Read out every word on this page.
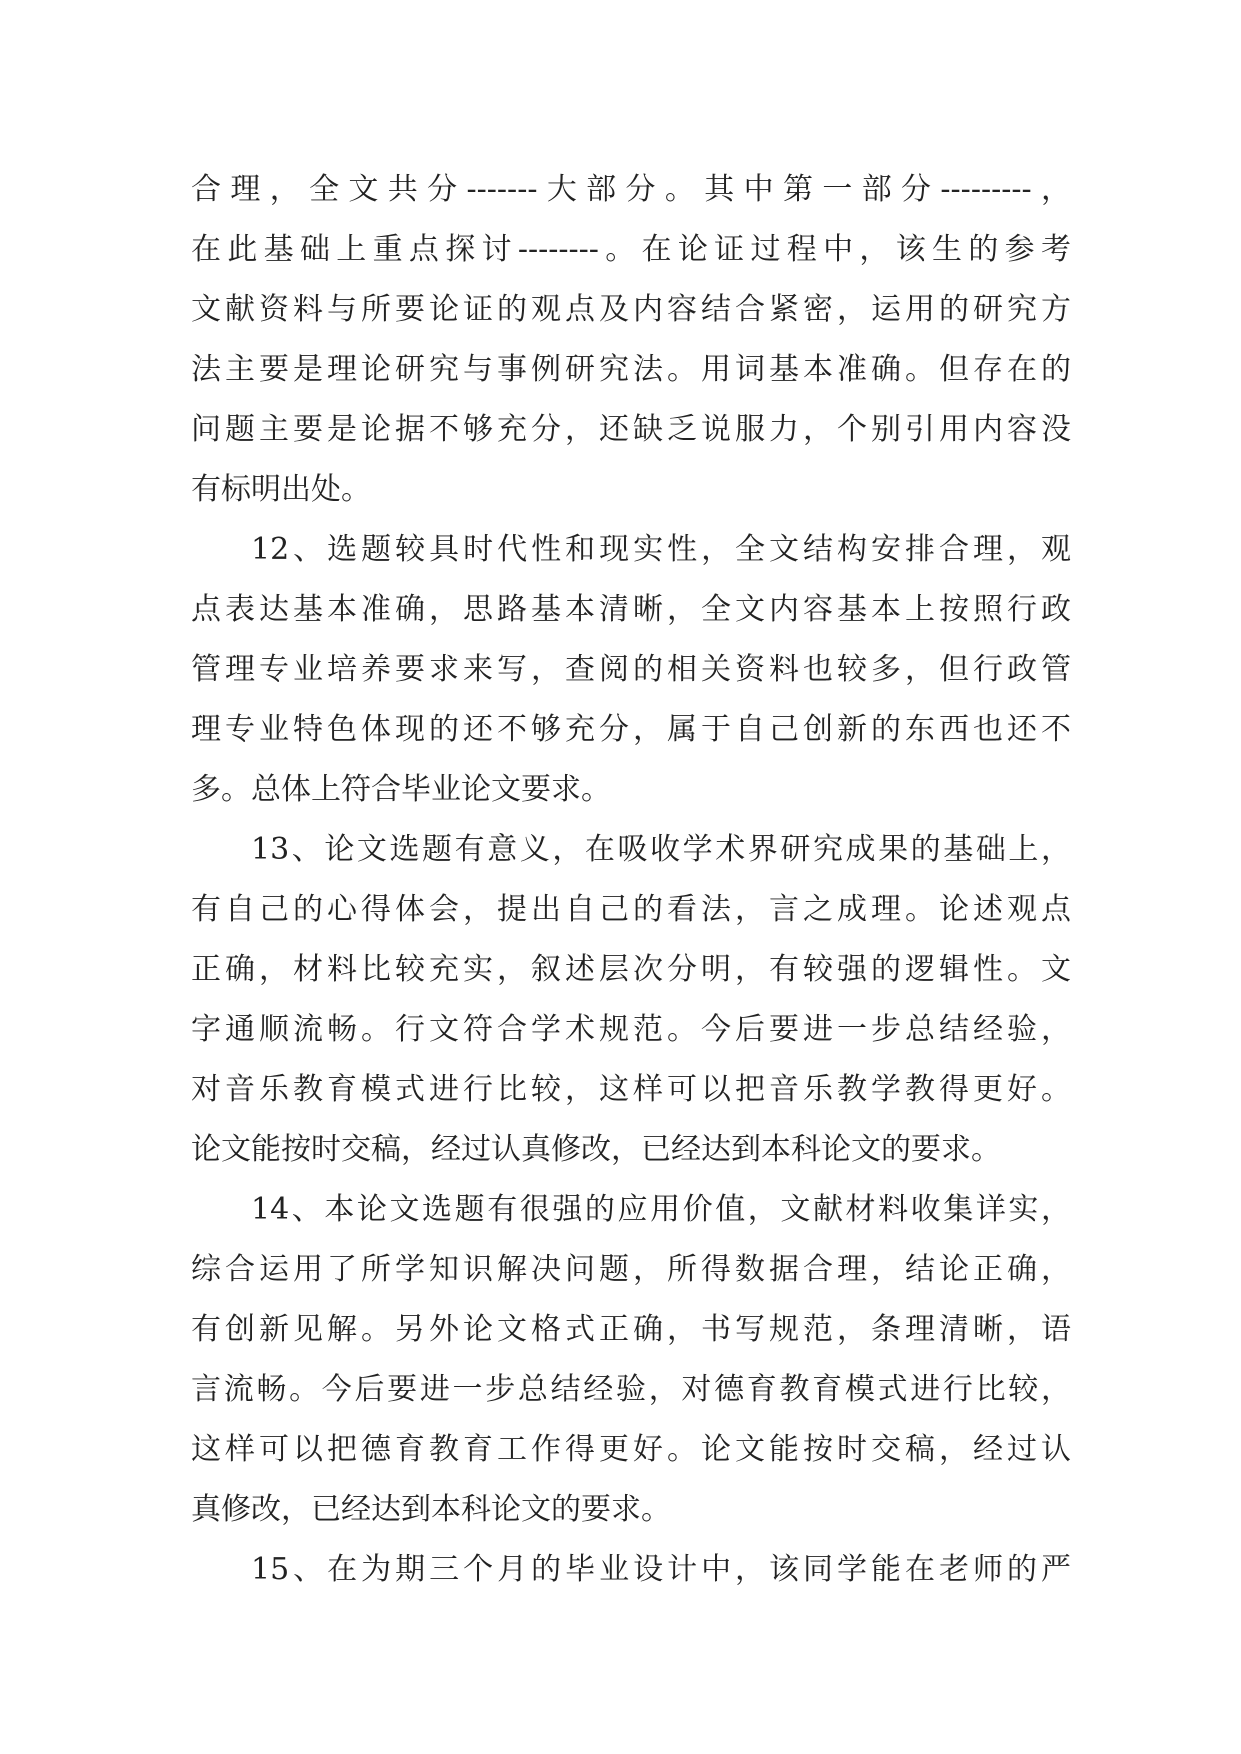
合理，全文共分-------大部分。其中第一部分---------，
在此基础上重点探讨--------。在论证过程中，该生的参考
文献资料与所要论证的观点及内容结合紧密，运用的研究方
法主要是理论研究与事例研究法。用词基本准确。但存在的
问题主要是论据不够充分，还缺乏说服力，个别引用内容没
有标明出处。
12、选题较具时代性和现实性，全文结构安排合理，观
点表达基本准确，思路基本清晰，全文内容基本上按照行政
管理专业培养要求来写，查阅的相关资料也较多，但行政管
理专业特色体现的还不够充分，属于自己创新的东西也还不
多。总体上符合毕业论文要求。
13、论文选题有意义，在吸收学术界研究成果的基础上，
有自己的心得体会，提出自己的看法，言之成理。论述观点
正确，材料比较充实，叙述层次分明，有较强的逻辑性。文
字通顺流畅。行文符合学术规范。今后要进一步总结经验，
对音乐教育模式进行比较，这样可以把音乐教学教得更好。
论文能按时交稿，经过认真修改，已经达到本科论文的要求。
14、本论文选题有很强的应用价值，文献材料收集详实，
综合运用了所学知识解决问题，所得数据合理，结论正确，
有创新见解。另外论文格式正确，书写规范，条理清晰，语
言流畅。今后要进一步总结经验，对德育教育模式进行比较，
这样可以把德育教育工作得更好。论文能按时交稿，经过认
真修改，已经达到本科论文的要求。
15、在为期三个月的毕业设计中，该同学能在老师的严
